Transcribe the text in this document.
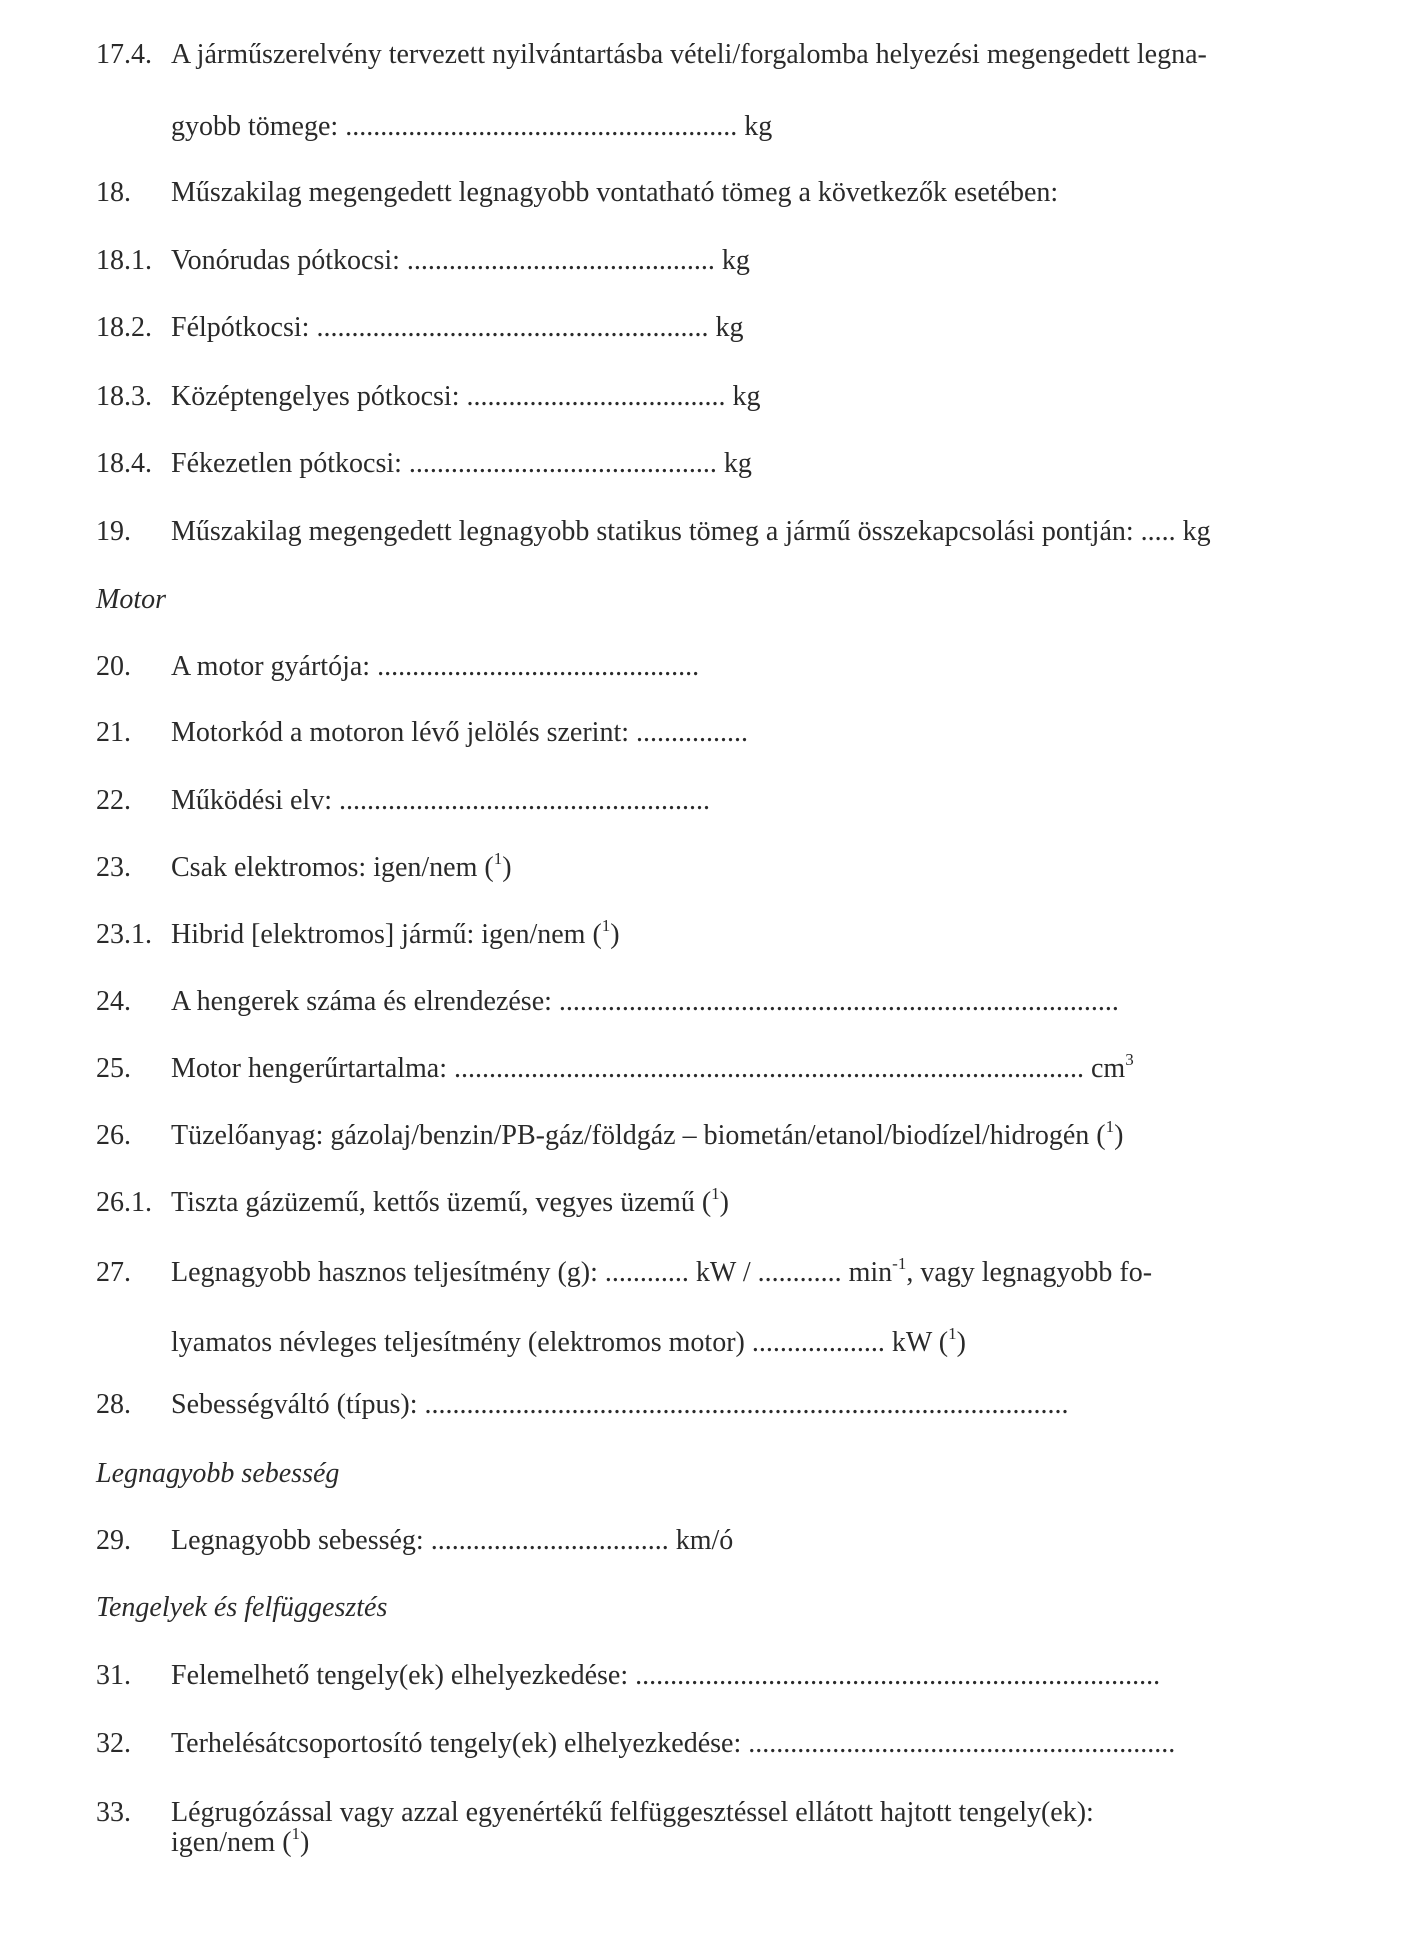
17.4. A járműszerelvény tervezett nyilvántartásba vételi/forgalomba helyezési megengedett legna-
gyobb tömege: ........................................................ kg
18. Műszakilag megengedett legnagyobb vontatható tömeg a következők esetében:
18.1. Vonórudas pótkocsi: ............................................ kg
18.2. Félpótkocsi: ........................................................ kg
18.3. Középtengelyes pótkocsi: ..................................... kg
18.4. Fékezetlen pótkocsi: ............................................ kg
19. Műszakilag megengedett legnagyobb statikus tömeg a jármű összekapcsolási pontján: ..... kg
Motor
20. A motor gyártója: ..............................................
21. Motorkód a motoron lévő jelölés szerint: ................
22. Működési elv: .....................................................
23. Csak elektromos: igen/nem ($^1$)
23.1. Hibrid [elektromos] jármű: igen/nem ($^1$)
24. A hengerek száma és elrendezése: ................................................................................
25. Motor hengerűrtartalma: .......................................................................................... $cm^3$
26. Tüzelőanyag: gázolaj/benzin/PB-gáz/földgáz – biometán/etanol/biodízel/hidrogén ($^1$)
26.1. Tiszta gázüzemű, kettős üzemű, vegyes üzemű ($^1$)
27. Legnagyobb hasznos teljesítmény (g): ............ kW / ............ $\min^{-1}$, vagy legnagyobb fo-
lyamatos névleges teljesítmény (elektromos motor) ................... kW ($^1$)
28. Sebességváltó (típus): ............................................................................................
Legnagyobb sebesség
29. Legnagyobb sebesség: .................................. km/ó
Tengelyek és felfüggesztés
31. Felemelhető tengely(ek) elhelyezkedése: ...........................................................................
32. Terhelésátcsoportosító tengely(ek) elhelyezkedése: .............................................................
33. Légrugózással vagy azzal egyenértékű felfüggesztéssel ellátott hajtott tengely(ek):
igen/nem ($^1$)
